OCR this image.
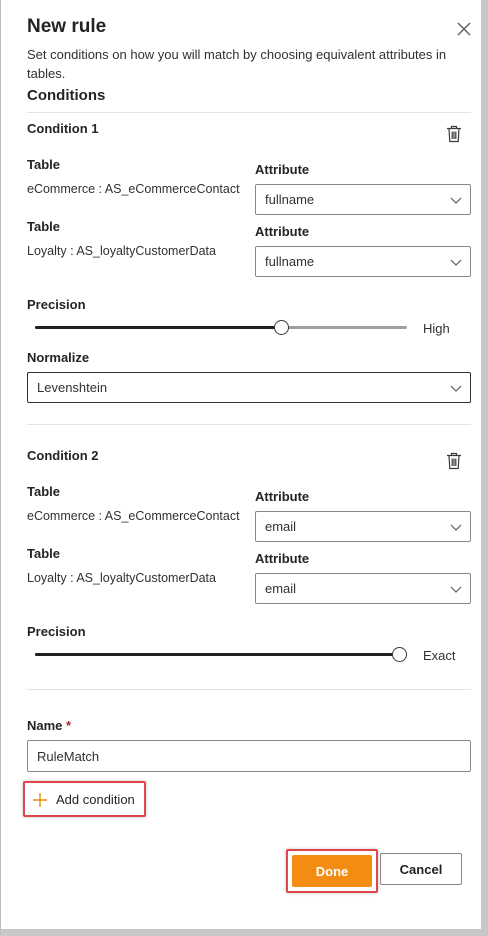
New rule
Set conditions on how you will match by choosing equivalent attributes in tables.
Conditions
Condition 1
Table
eCommerce : AS_eCommerceContact
Attribute
fullname
Table
Loyalty : AS_loyaltyCustomerData
Attribute
fullname
Precision
High
Normalize
Levenshtein
Condition 2
Table
eCommerce : AS_eCommerceContact
Attribute
email
Table
Loyalty : AS_loyaltyCustomerData
Attribute
email
Precision
Exact
Name *
RuleMatch
Add condition
Done	Cancel
